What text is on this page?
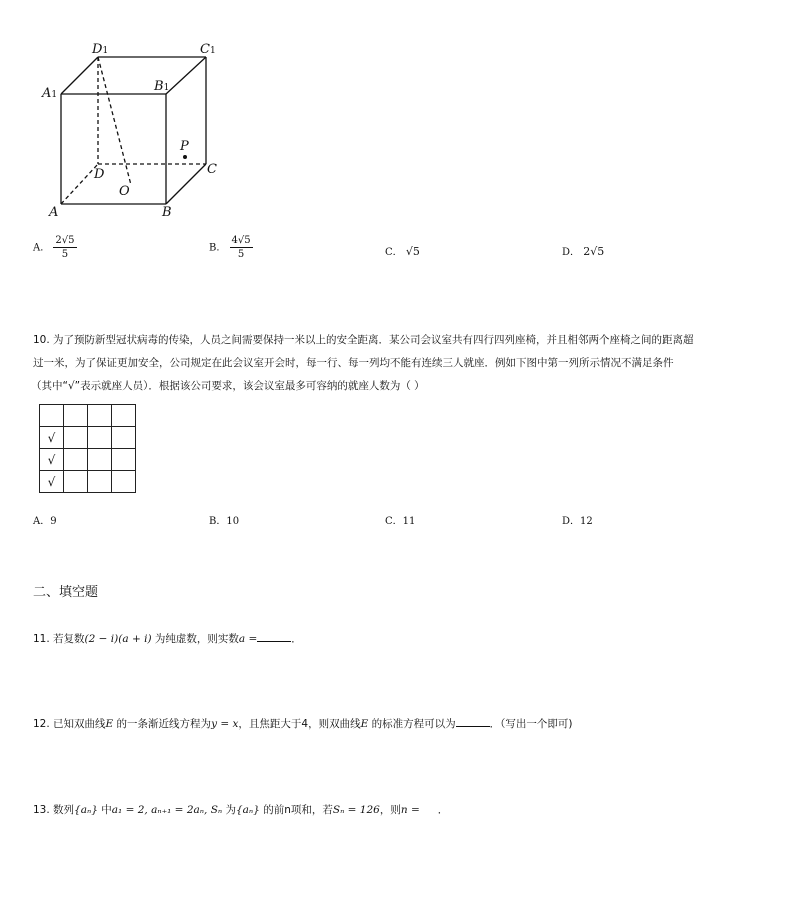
D1	C1
A1
B1
P
D	C
O
A	B
A． $\frac{2√5}{5}$	B． $\frac{4√5}{5}$	C． √5	D． 2√5
10. 为了预防新型冠状病毒的传染，人员之间需要保持一米以上的安全距离．某公司会议室共有四行四列座椅，并且相邻两个座椅之间的距离超
过一米，为了保证更加安全，公司规定在此会议室开会时，每一行、每一列均不能有连续三人就座．例如下图中第一列所示情况不满足条件
（其中“√”表示就座人员）．根据该公司要求，该会议室最多可容纳的就座人数为（ ）

√			
√			
√			
A．9	B．10	C．11	D．12
二、填空题
11. 若复数(2 − i)(a + i) 为纯虚数，则实数a =	．
12. 已知双曲线E 的一条渐近线方程为y = x，且焦距大于4，则双曲线E 的标准方程可以为	．（写出一个即可)
13. 数列{aₙ} 中a₁ = 2, aₙ₊₁ = 2aₙ, Sₙ 为{aₙ} 的前n项和，若Sₙ = 126，则n = ．
